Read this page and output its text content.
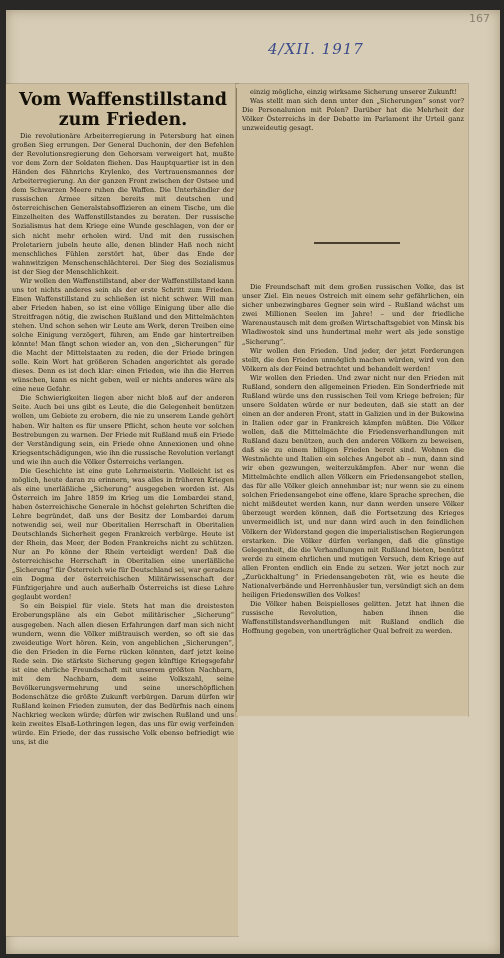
167
4/XII. 1917
Vom Waffenstillstand zum Frieden.

Die revolutionäre Arbeiterregierung in Petersburg hat einen großen Sieg errungen. Der General Duchonin, der den Befehlen der Revolutionsregierung den Gehorsam verweigert hat, mußte vor dem Zorn der Soldaten fliehen. Das Hauptquartier ist in den Händen des Fähnrichs Krylenko, des Vertrauensmannes der Arbeiterregierung. An der ganzen Front zwischen der Ostsee und dem Schwarzen Meere ruhen die Waffen. Die Unterhändler der russischen Armee sitzen bereits mit deutschen und österreichischen Generalstabsoffizieren an einem Tische, um die Einzelheiten des Waffenstillstandes zu beraten. Der russische Sozialismus hat dem Kriege eine Wunde geschlagen, von der er sich nicht mehr erholen wird. Und mit den russischen Proletariern jubeln heute alle, denen blinder Haß noch nicht menschliches Fühlen zerstört hat, über das Ende der wahnwitzigen Menschenschlächterei. Der Sieg des Sozialismus ist der Sieg der Menschlichkeit.

Wir wollen den Waffenstillstand, aber der Waffenstillstand kann uns tot nichts anderes sein als der erste Schritt zum Frieden. Einen Waffenstillstand zu schließen ist nicht schwer. Will man aber Frieden haben, so ist eine völlige Einigung über alle die Streitfragen nötig, die zwischen Rußland und den Mittelmächten stehen. Und schon sehen wir Leute am Werk, deren Treiben eine solche Einigung verzögert, führen, am Ende gar hintertreiben könnte! Man fängt schon wieder an, von den „Sicherungen“ für die Macht der Mittelstaaten zu reden, die der Friede bringen solle. Kein Wort hat größeren Schaden angerichtet als gerade dieses. Denn es ist doch klar: einen Frieden, wie ihn die Herren wünschen, kann es nicht geben, weil er nichts anderes wäre als eine neue Gefahr.

Die Schwierigkeiten liegen aber nicht bloß auf der anderen Seite. Auch bei uns gibt es Leute, die die Gelegenheit benützen wollen, um Gebiete zu erobern, die nie zu unserem Lande gehört haben. Wir halten es für unsere Pflicht, schon heute vor solchen Bestrebungen zu warnen. Der Friede mit Rußland muß ein Friede der Verständigung sein, ein Friede ohne Annexionen und ohne Kriegsentschädigungen, wie ihn die russische Revolution verlangt und wie ihn auch die Völker Österreichs verlangen.

Die Geschichte ist eine gute Lehrmeisterin. Vielleicht ist es möglich, heute daran zu erinnern, was alles in früheren Kriegen als eine unerläßliche „Sicherung“ ausgegeben worden ist. Als Österreich im Jahre 1859 im Krieg um die Lombardei stand, haben österreichische Generale in höchst gelehrten Schriften die Lehre begründet, daß uns der Besitz der Lombardei darum notwendig sei, weil nur Oberitalien Herrschaft in Oberitalien Deutschlands Sicherheit gegen Frankreich verbürge. Heute ist der Rhein, das Meer, der Boden Frankreichs nicht zu schützen. Nur an Po könne der Rhein verteidigt werden! Daß die österreichische Herrschaft in Oberitalien eine unerläßliche „Sicherung“ für Österreich wie für Deutschland sei, war geradezu ein Dogma der österreichischen Militärwissenschaft der Fünfzigerjahre und auch außerhalb Österreichs ist diese Lehre geglaubt worden!

So ein Beispiel für viele. Stets hat man die dreistesten Eroberungspläne als ein Gebot militärischer „Sicherung“ ausgegeben. Nach allen diesen Erfahrungen darf man sich nicht wundern, wenn die Völker mißtrauisch werden, so oft sie das zweideutige Wort hören. Kein, von angeblichen „Sicherungen“, die den Frieden in die Ferne rücken könnten, darf jetzt keine Rede sein. Die stärkste Sicherung gegen künftige Kriegsgefahr ist eine ehrliche Freundschaft mit unserem größten Nachbarn, mit dem Nachbarn, dem seine Volkszahl, seine Bevölkerungsvermehrung und seine unerschöpflichen Bodenschätze die größte Zukunft verbürgen. Darum dürfen wir Rußland keinen Frieden zumuten, der das Bedürfnis nach einem Nachkrieg wecken würde; dürfen wir zwischen Rußland und uns kein zweites Elsaß-Lothringen legen, das uns für ewig verfeinden würde. Ein Friede, der das russische Volk ebenso befriedigt wie uns, ist die

einzig mögliche, einzig wirksame Sicherung unserer Zukunft!

Was stellt man sich denn unter den „Sicherungen“ sonst vor? Die Personalunion mit Polen? Darüber hat die Mehrheit der Völker Österreichs in der Debatte im Parlament ihr Urteil ganz unzweideutig gesagt.

Die Freundschaft mit dem großen russischen Volke, das ist unser Ziel. Ein neues Ostreich mit einem sehr gefährlichen, ein sicher unbezwingbares Gegner sein wird – Rußland wächst um zwei Millionen Seelen im Jahre! – und der friedliche Warenaustausch mit dem großen Wirtschaftsgebiet von Minsk bis Wladiwostok sind uns hundertmal mehr wert als jede sonstige „Sicherung“.

Wir wollen den Frieden. Und jeder, der jetzt Forderungen stellt, die den Frieden unmöglich machen würden, wird von den Völkern als der Feind betrachtet und behandelt werden!

Wir wollen den Frieden. Und zwar nicht nur den Frieden mit Rußland, sondern den allgemeinen Frieden. Ein Sonderfriede mit Rußland würde uns den russischen Teil vom Kriege befreien; für unsere Soldaten würde er nur bedeuten, daß sie statt an der einen an der anderen Front, statt in Galizien und in der Bukowina in Italien oder gar in Frankreich kämpfen müßten. Die Völker wollen, daß die Mittelmächte die Friedensverhandlungen mit Rußland dazu benützen, auch den anderen Völkern zu beweisen, daß sie zu einem billigen Frieden bereit sind. Wohnen die Westmächte und Italien ein solches Angebot ab – nun, dann sind wir eben gezwungen, weiterzukämpfen. Aber nur wenn die Mittelmächte endlich allen Völkern ein Friedensangebot stellen, das für alle Völker gleich annehmbar ist; nur wenn sie zu einem solchen Friedensangebot eine offene, klare Sprache sprechen, die nicht mißdeutet werden kann, nur dann werden unsere Völker überzeugt werden können, daß die Fortsetzung des Krieges unvermeidlich ist, und nur dann wird auch in den feindlichen Völkern der Widerstand gegen die imperialistischen Regierungen erstarken. Die Völker dürfen verlangen, daß die günstige Gelegenheit, die die Verhandlungen mit Rußland bieten, benützt werde zu einem ehrlichen und mutigen Versuch, dem Kriege auf allen Fronten endlich ein Ende zu setzen. Wer jetzt noch zur „Zurückhaltung“ in Friedensangeboten rät, wie es heute die Nationalverbände und Herrenhäusler tun, versündigt sich an dem heiligen Friedenswillen des Volkes!

Die Völker haben Beispielloses gelitten. Jetzt hat ihnen die russische Revolution, haben ihnen die Waffenstillstandsverhandlungen mit Rußland endlich die Hoffnung gegeben, von unerträglicher Qual befreit zu werden.
